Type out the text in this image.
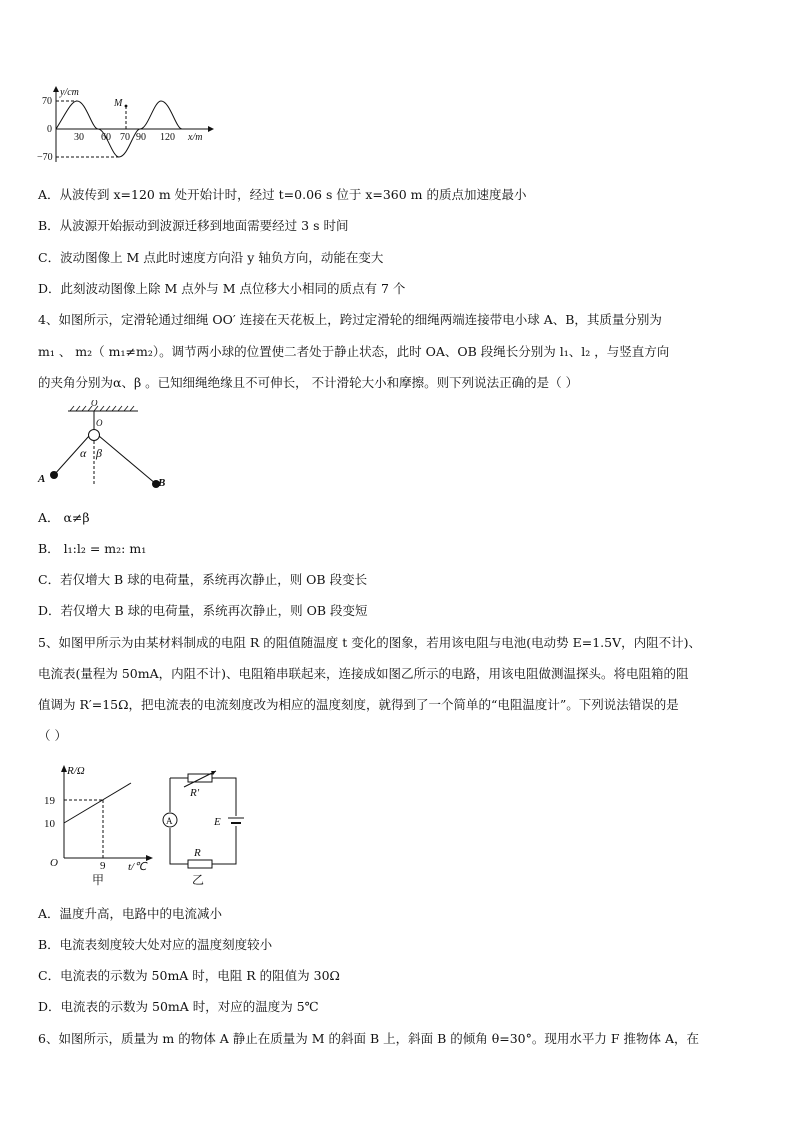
y/cm
70
0
−70
M
30 60 70 90 120 x/m
A．从波传到 x=120 m 处开始计时，经过 t=0.06 s 位于 x=360 m 的质点加速度最小
B．从波源开始振动到波源迁移到地面需要经过 3 s 时间
C．波动图像上 M 点此时速度方向沿 y 轴负方向，动能在变大
D．此刻波动图像上除 M 点外与 M 点位移大小相同的质点有 7 个
4、如图所示，定滑轮通过细绳 OO′ 连接在天花板上，跨过定滑轮的细绳两端连接带电小球 A、B，其质量分别为
m₁ 、 m₂（ m₁≠m₂）。调节两小球的位置使二者处于静止状态，此时 OA、OB 段绳长分别为 l₁、l₂ ，与竖直方向
的夹角分别为α、β 。已知细绳绝缘且不可伸长， 不计滑轮大小和摩擦。则下列说法正确的是（ ）
O
O
α β
A	B
A． α≠β
B． l₁:l₂ = m₂: m₁
C．若仅增大 B 球的电荷量，系统再次静止，则 OB 段变长
D．若仅增大 B 球的电荷量，系统再次静止，则 OB 段变短
5、如图甲所示为由某材料制成的电阻 R 的阻值随温度 t 变化的图象，若用该电阻与电池(电动势 E=1.5V，内阻不计)、
电流表(量程为 50mA，内阻不计)、电阻箱串联起来，连接成如图乙所示的电路，用该电阻做测温探头。将电阻箱的阻
值调为 R′=15Ω，把电流表的电流刻度改为相应的温度刻度，就得到了一个简单的“电阻温度计”。下列说法错误的是
（ ）
R/Ω
19
10
O	9 t/℃
甲
R′
A	E
R
乙
A．温度升高，电路中的电流减小
B．电流表刻度较大处对应的温度刻度较小
C．电流表的示数为 50mA 时，电阻 R 的阻值为 30Ω
D．电流表的示数为 50mA 时，对应的温度为 5℃
6、如图所示，质量为 m 的物体 A 静止在质量为 M 的斜面 B 上，斜面 B 的倾角 θ=30°。现用水平力 F 推物体 A，在
